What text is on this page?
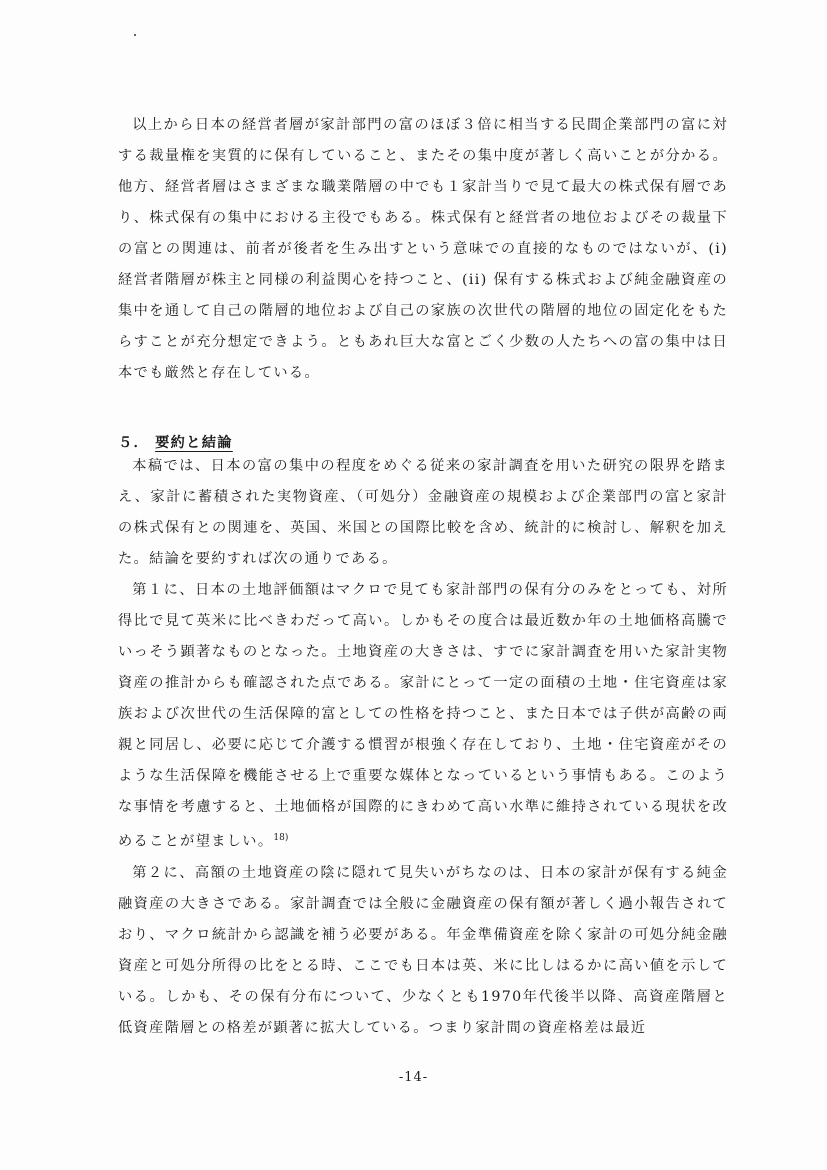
以上から日本の経営者層が家計部門の富のほぼ３倍に相当する民間企業部門の富に対する裁量権を実質的に保有していること、またその集中度が著しく高いことが分かる。他方、経営者層はさまざまな職業階層の中でも１家計当りで見て最大の株式保有層であり、株式保有の集中における主役でもある。株式保有と経営者の地位およびその裁量下の富との関連は、前者が後者を生み出すという意味での直接的なものではないが、(i) 経営者階層が株主と同様の利益関心を持つこと、(ii) 保有する株式および純金融資産の集中を通して自己の階層的地位および自己の家族の次世代の階層的地位の固定化をもたらすことが充分想定できよう。ともあれ巨大な富とごく少数の人たちへの富の集中は日本でも厳然と存在している。

５． 要約と結論

本稿では、日本の富の集中の程度をめぐる従来の家計調査を用いた研究の限界を踏まえ、家計に蓄積された実物資産、（可処分）金融資産の規模および企業部門の富と家計の株式保有との関連を、英国、米国との国際比較を含め、統計的に検討し、解釈を加えた。結論を要約すれば次の通りである。

第１に、日本の土地評価額はマクロで見ても家計部門の保有分のみをとっても、対所得比で見て英米に比べきわだって高い。しかもその度合は最近数か年の土地価格高騰でいっそう顕著なものとなった。土地資産の大きさは、すでに家計調査を用いた家計実物資産の推計からも確認された点である。家計にとって一定の面積の土地・住宅資産は家族および次世代の生活保障的富としての性格を持つこと、また日本では子供が高齢の両親と同居し、必要に応じて介護する慣習が根強く存在しており、土地・住宅資産がそのような生活保障を機能させる上で重要な媒体となっているという事情もある。このような事情を考慮すると、土地価格が国際的にきわめて高い水準に維持されている現状を改めることが望ましい。$^{18)}$

第２に、高額の土地資産の陰に隠れて見失いがちなのは、日本の家計が保有する純金融資産の大きさである。家計調査では全般に金融資産の保有額が著しく過小報告されており、マクロ統計から認識を補う必要がある。年金準備資産を除く家計の可処分純金融資産と可処分所得の比をとる時、ここでも日本は英、米に比しはるかに高い値を示している。しかも、その保有分布について、少なくとも1970年代後半以降、高資産階層と低資産階層との格差が顕著に拡大している。つまり家計間の資産格差は最近

-14-
